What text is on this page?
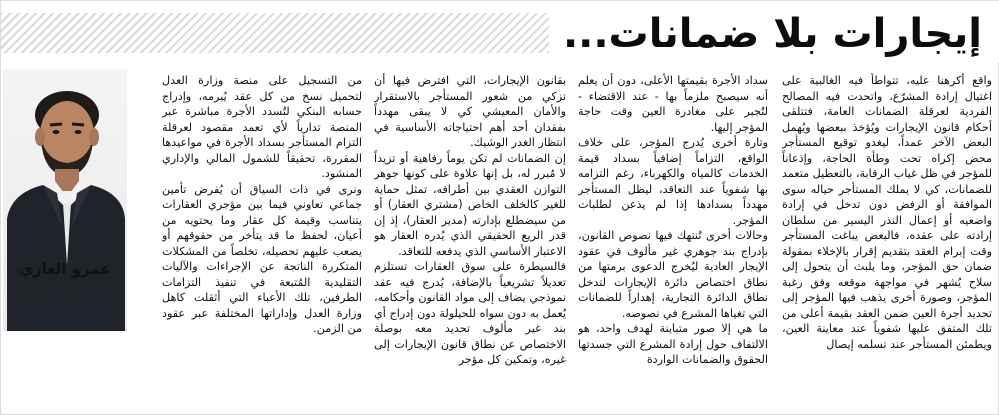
إيجارات بلا ضمانات...

واقع أُكرهنا عليه، تتواطأ فيه الغالبية على اغتيال إرادة المشرّع، واتحدت فيه المصالح الفردية لعرقلة الضمانات العامة، فتتلقى أحكام قانون الإيجارات ويُؤخذ ببعضها ويُهمل البعض الآخر عمداً، ليغدو توقيع المستأجر محض إكراه تحت وطأة الحاجة، وإذعاناً للمؤجر في ظل غياب الرقابة، بالتعطيل متعمد للضمانات، كي لا يملك المستأجر حياله سوى الموافقة أو الرفض دون تدخل في إرادة واضعيه أو إعمال النذر اليسير من سلطان إرادته على عقده، فالبعض يباغت المستأجر وقت إبرام العقد بتقديم إقرار بالإخلاء بمقولة ضمان حق المؤجر، وما يلبث أن يتحول إلى سلاح يُشهر في مواجهة موقعه وفق رغبة المؤجر، وصورة أخرى يذهب فيها المؤجر إلى تحديد أجرة العين ضمن العقد بقيمة أعلى من تلك المتفق عليها شفوياً عند معاينة العين، ويطمئن المستأجر عند تسلمه إيصال

سداد الأجرة بقيمتها الأعلى، دون أن يعلم أنه سيصبح ملزماً بها - عند الاقتضاء - لتُجبر على مغادرة العين وقت حاجة المؤجر إليها.

وتارة أخرى يُدرج المؤجر، على خلاف الواقع، التزاماً إضافياً بسداد قيمة الخدمات كالمياه والكهرباء، رغم التزامه بها شفوياً عند التعاقد، ليظل المستأجر مهدداً بسدادها إذا لم يذعن لطلبات المؤجر.

وحالات أخرى تُنتهك فيها نصوص القانون، بإدراج بند جوهري غير مألوف في عقود الإيجار العادية ليُخرج الدعوى برمتها من نطاق اختصاص دائرة الإيجارات لتدخل نطاق الدائرة التجارية، إهداراً للضمانات التي تغياها المشرع في نصوصه.

ما هي إلا صور متباينة لهدف واحد، هو الالتفاف حول إرادة المشرع التي جسدتها الحقوق والضمانات الواردة

بقانون الإيجارات، التي افترض فيها أن تزكي من شعور المستأجر بالاستقرار والأمان المعيشي كي لا يبقى مهدداً بفقدان أحد أهم احتياجاته الأساسية في انتظار الغدر الوشيك.

إن الضمانات لم تكن يوماً رفاهية أو تزيداً لا مُبرر له، بل إنها علاوة على كونها جوهر التوازن العقدي بين أطرافه، تمثل حماية للغير كالخلف الخاص (مشتري العقار) أو من سيضطلع بإدارته (مدير العقار)، إذ إن قدر الريع الحقيقي الذي يُدره العقار هو الاعتبار الأساسي الذي يدفعه للتعاقد.

فالسيطرة على سوق العقارات تستلزم تعديلاً تشريعياً بالإضافة، يُدرج فيه عقد نموذجي يضاف إلى مواد القانون وأحكامه، يُعمل به دون سواه للحيلولة دون إدراج أي بند غير مألوف تحديد معه بوصلة الاختصاص عن نطاق قانون الإيجارات إلى غيره، وتمكين كل مؤجر

من التسجيل على منصة وزارة العدل لتحميل نسخ من كل عقد يُبرمه، وإدراج حسابه البنكي لتُسدد الأجرة مباشرة عبر المنصة تدارياً لأي تعمد مقصود لعرقلة التزام المستأجر بسداد الأجرة في مواعيدها المقررة، تحقيقاً للشمول المالي والإداري المنشود.

ونرى في ذات السياق أن يُفرض تأمين جماعي تعاوني فيما بين مؤجري العقارات يتناسب وقيمة كل عقار وما يحتويه من أعيان، لحفظ ما قد يتأخر من حقوقهم أو يصعب عليهم تحصيله، تخلصاً من المشكلات المتكررة الناتجة عن الإجراءات والآليات التقليدية المُتبعة في تنفيذ التزامات الطرفين، تلك الأعباء التي أثقلت كاهل وزارة العدل وإداراتها المختلفة عبر عقود من الزمن.

عمرو الغازي
مستشار قانوني
